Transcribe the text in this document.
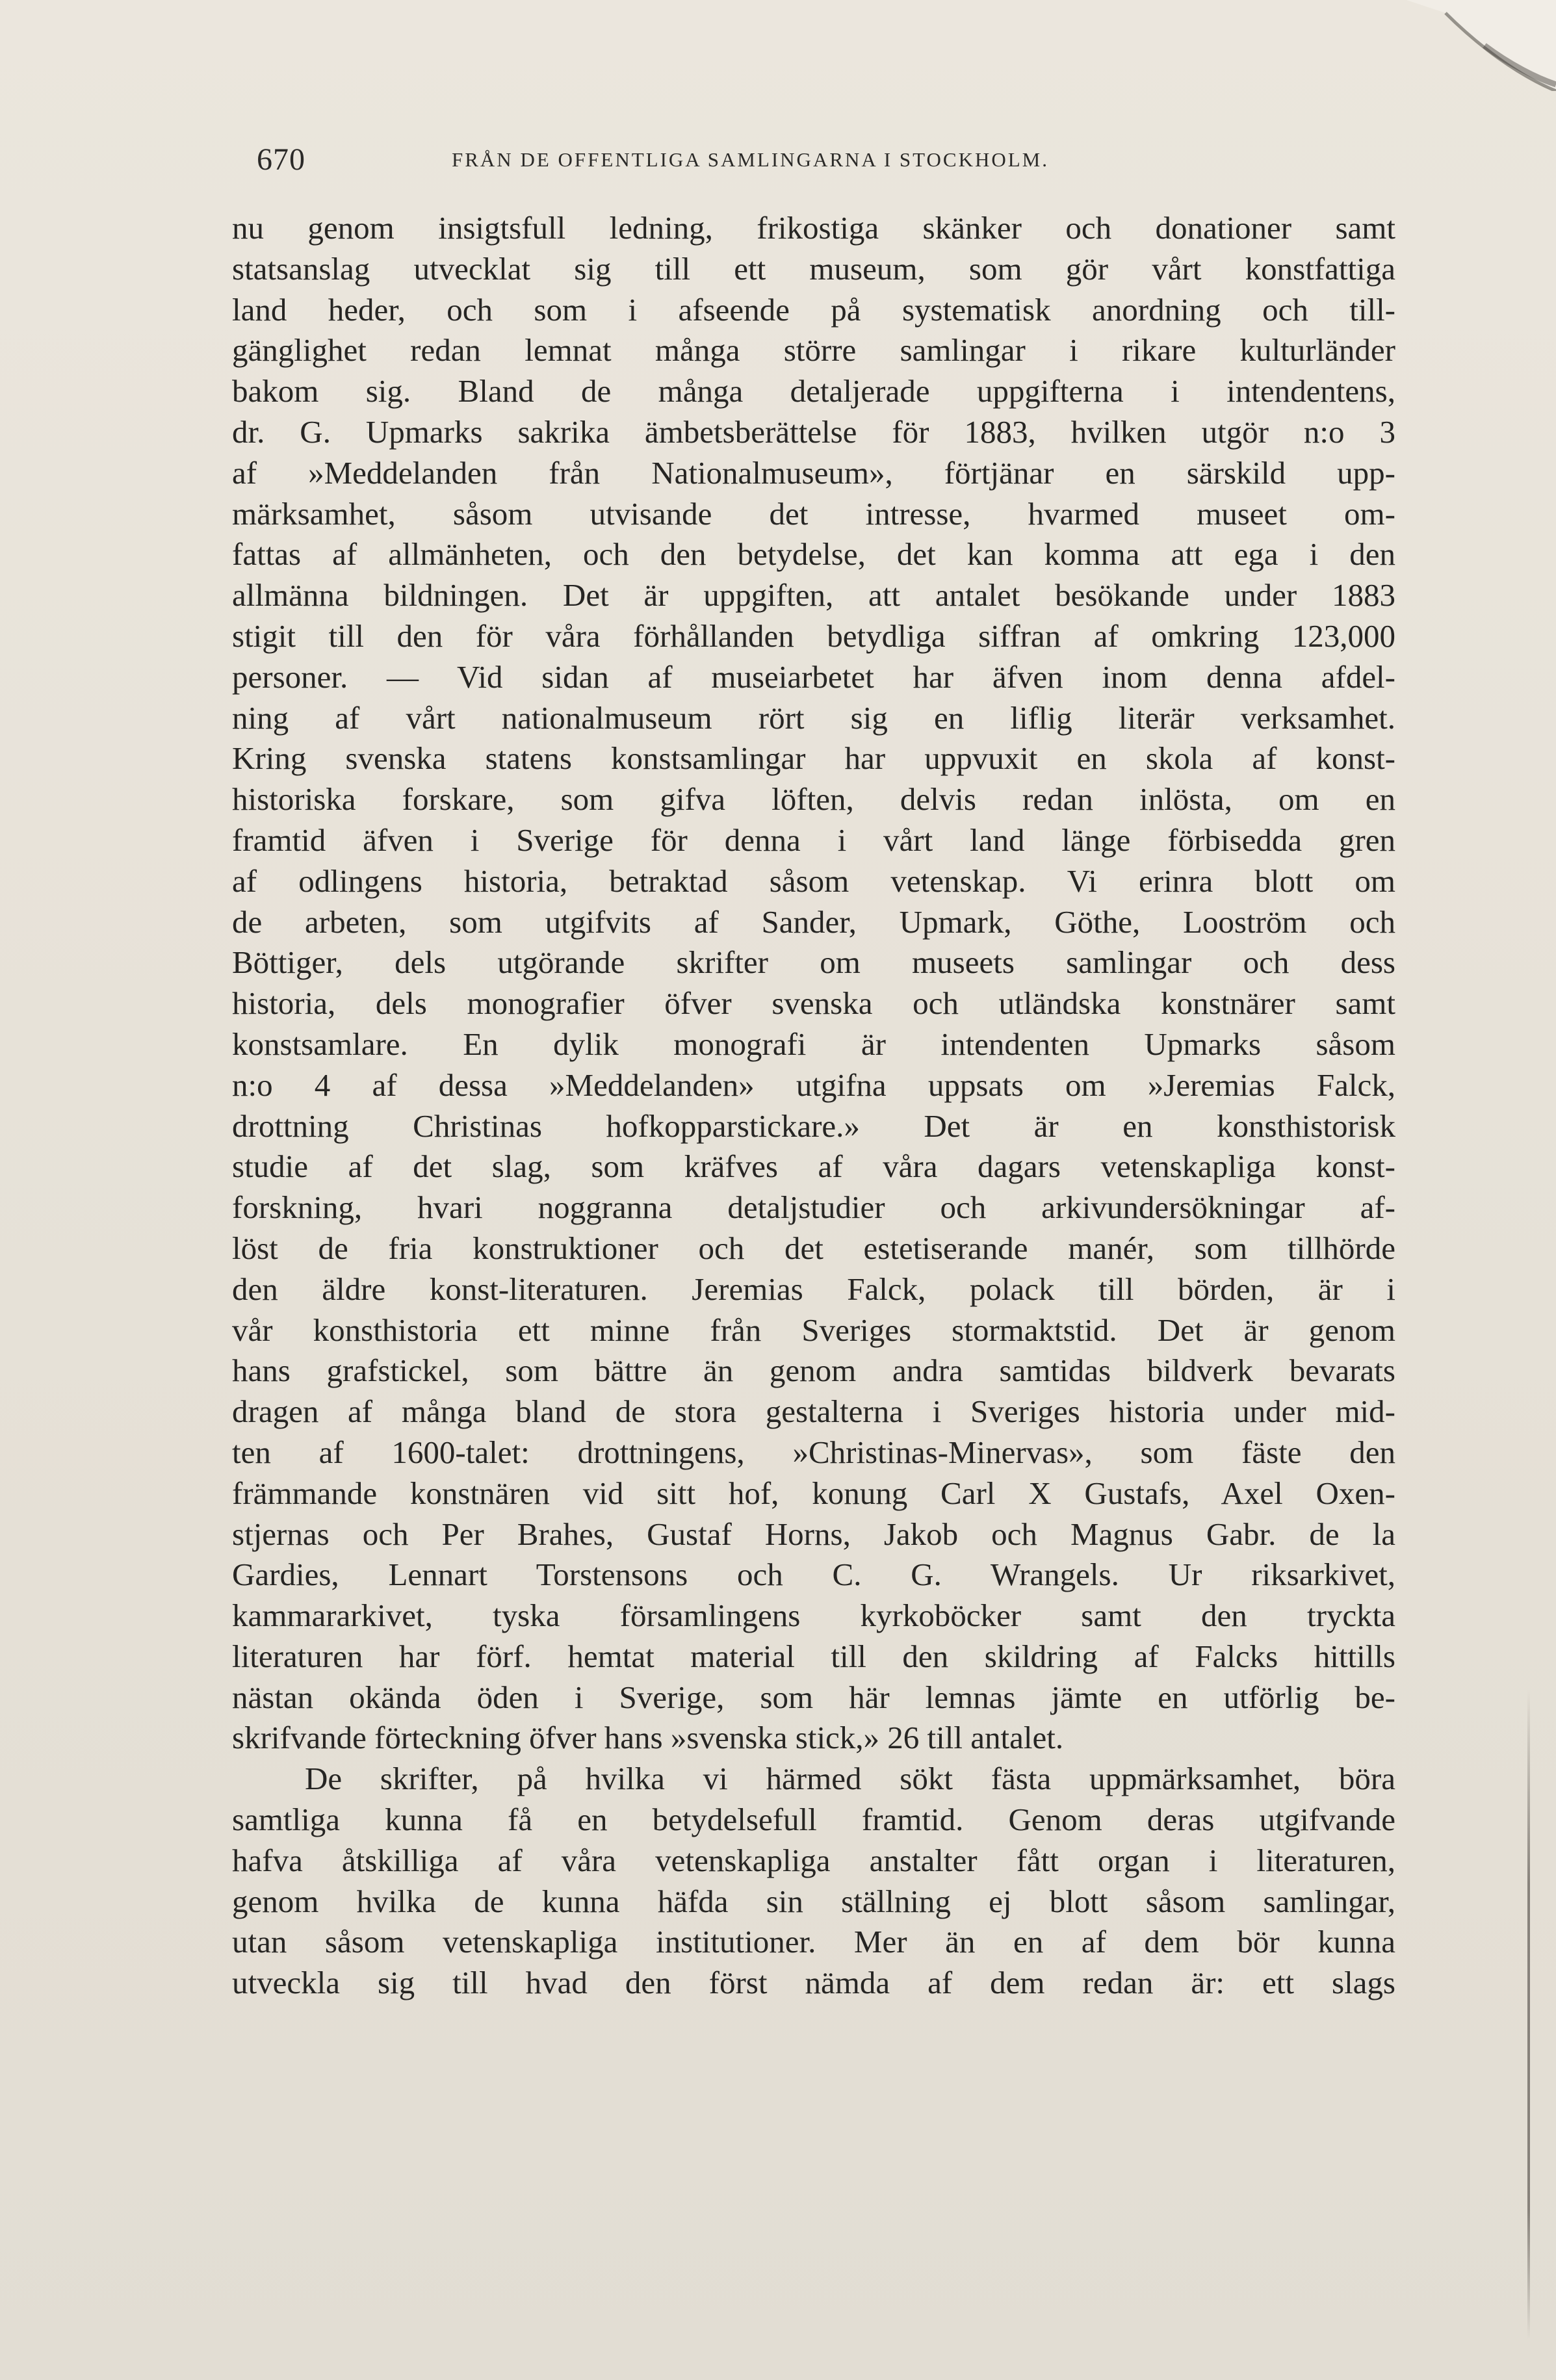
670	FRÅN DE OFFENTLIGA SAMLINGARNA I STOCKHOLM.
nu genom insigtsfull ledning, frikostiga skänker och donationer samt
statsanslag utvecklat sig till ett museum, som gör vårt konstfattiga
land heder, och som i afseende på systematisk anordning och till-
gänglighet redan lemnat många större samlingar i rikare kulturländer
bakom sig. Bland de många detaljerade uppgifterna i intendentens,
dr. G. Upmarks sakrika ämbetsberättelse för 1883, hvilken utgör n:o 3
af »Meddelanden från Nationalmuseum», förtjänar en särskild upp-
märksamhet, såsom utvisande det intresse, hvarmed museet om-
fattas af allmänheten, och den betydelse, det kan komma att ega i den
allmänna bildningen. Det är uppgiften, att antalet besökande under 1883
stigit till den för våra förhållanden betydliga siffran af omkring 123,000
personer. — Vid sidan af museiarbetet har äfven inom denna afdel-
ning af vårt nationalmuseum rört sig en liflig literär verksamhet.
Kring svenska statens konstsamlingar har uppvuxit en skola af konst-
historiska forskare, som gifva löften, delvis redan inlösta, om en
framtid äfven i Sverige för denna i vårt land länge förbisedda gren
af odlingens historia, betraktad såsom vetenskap. Vi erinra blott om
de arbeten, som utgifvits af Sander, Upmark, Göthe, Looström och
Böttiger, dels utgörande skrifter om museets samlingar och dess
historia, dels monografier öfver svenska och utländska konstnärer samt
konstsamlare. En dylik monografi är intendenten Upmarks såsom
n:o 4 af dessa »Meddelanden» utgifna uppsats om »Jeremias Falck,
drottning Christinas hofkopparstickare.» Det är en konsthistorisk
studie af det slag, som kräfves af våra dagars vetenskapliga konst-
forskning, hvari noggranna detaljstudier och arkivundersökningar af-
löst de fria konstruktioner och det estetiserande manér, som tillhörde
den äldre konst-literaturen. Jeremias Falck, polack till börden, är i
vår konsthistoria ett minne från Sveriges stormaktstid. Det är genom
hans grafstickel, som bättre än genom andra samtidas bildverk bevarats
dragen af många bland de stora gestalterna i Sveriges historia under mid-
ten af 1600-talet: drottningens, »Christinas-Minervas», som fäste den
främmande konstnären vid sitt hof, konung Carl X Gustafs, Axel Oxen-
stjernas och Per Brahes, Gustaf Horns, Jakob och Magnus Gabr. de la
Gardies, Lennart Torstensons och C. G. Wrangels. Ur riksarkivet,
kammararkivet, tyska församlingens kyrkoböcker samt den tryckta
literaturen har förf. hemtat material till den skildring af Falcks hittills
nästan okända öden i Sverige, som här lemnas jämte en utförlig be-
skrifvande förteckning öfver hans »svenska stick,» 26 till antalet.
De skrifter, på hvilka vi härmed sökt fästa uppmärksamhet, böra
samtliga kunna få en betydelsefull framtid. Genom deras utgifvande
hafva åtskilliga af våra vetenskapliga anstalter fått organ i literaturen,
genom hvilka de kunna häfda sin ställning ej blott såsom samlingar,
utan såsom vetenskapliga institutioner. Mer än en af dem bör kunna
utveckla sig till hvad den först nämda af dem redan är: ett slags
